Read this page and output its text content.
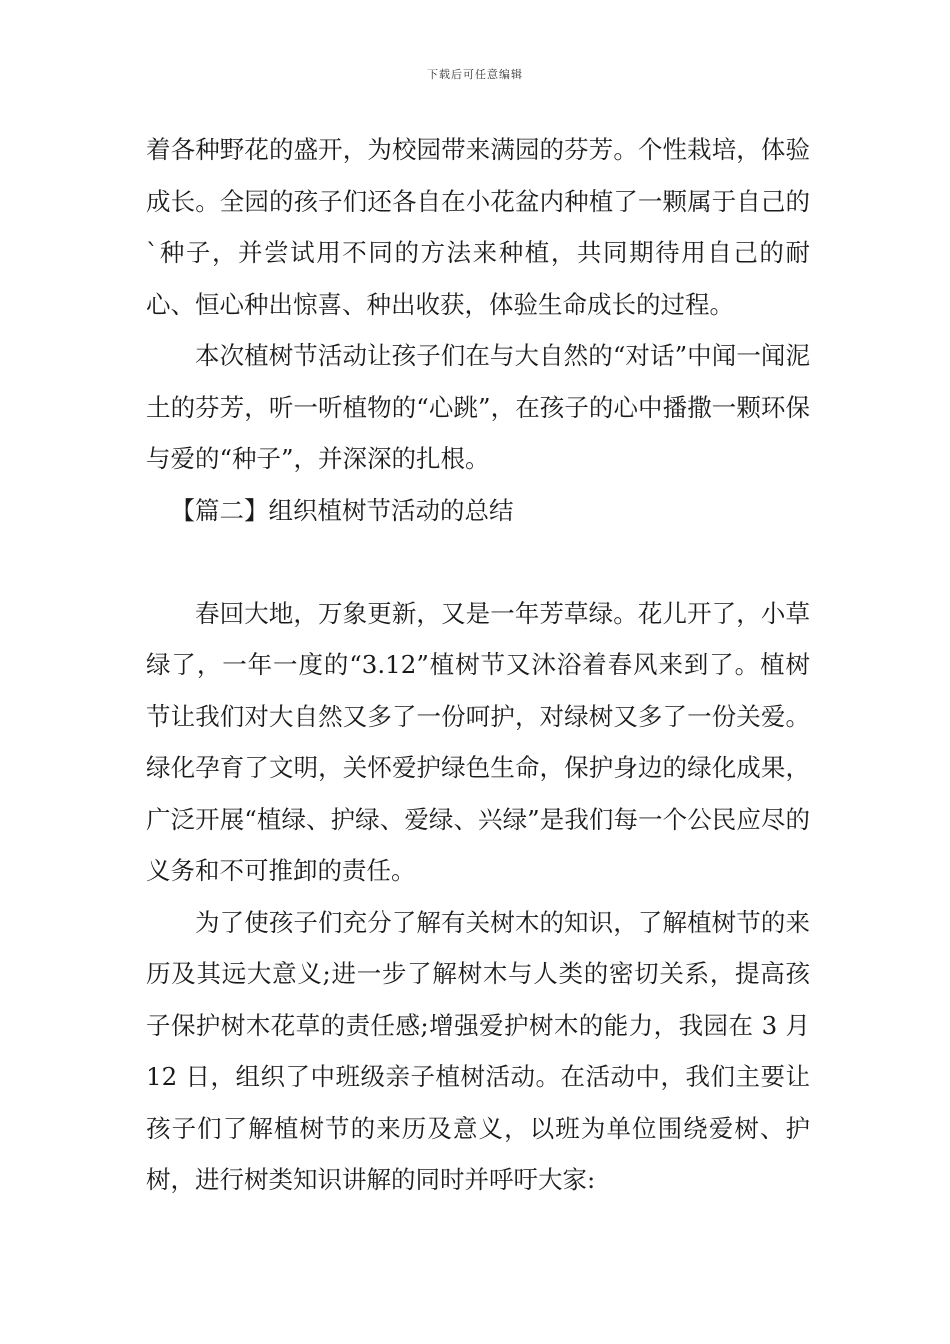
下载后可任意编辑

着各种野花的盛开，为校园带来满园的芬芳。个性栽培，体验成长。全园的孩子们还各自在小花盆内种植了一颗属于自己的`种子，并尝试用不同的方法来种植，共同期待用自己的耐心、恒心种出惊喜、种出收获，体验生命成长的过程。

本次植树节活动让孩子们在与大自然的“对话”中闻一闻泥土的芬芳，听一听植物的“心跳”，在孩子的心中播撒一颗环保与爱的“种子”，并深深的扎根。

【篇二】组织植树节活动的总结

春回大地，万象更新，又是一年芳草绿。花儿开了，小草绿了，一年一度的“3.12”植树节又沐浴着春风来到了。植树节让我们对大自然又多了一份呵护，对绿树又多了一份关爱。绿化孕育了文明，关怀爱护绿色生命，保护身边的绿化成果，广泛开展“植绿、护绿、爱绿、兴绿”是我们每一个公民应尽的义务和不可推卸的责任。

为了使孩子们充分了解有关树木的知识，了解植树节的来历及其远大意义;进一步了解树木与人类的密切关系，提高孩子保护树木花草的责任感;增强爱护树木的能力，我园在 3 月 12 日，组织了中班级亲子植树活动。在活动中，我们主要让孩子们了解植树节的来历及意义，以班为单位围绕爱树、护树，进行树类知识讲解的同时并呼吁大家:
